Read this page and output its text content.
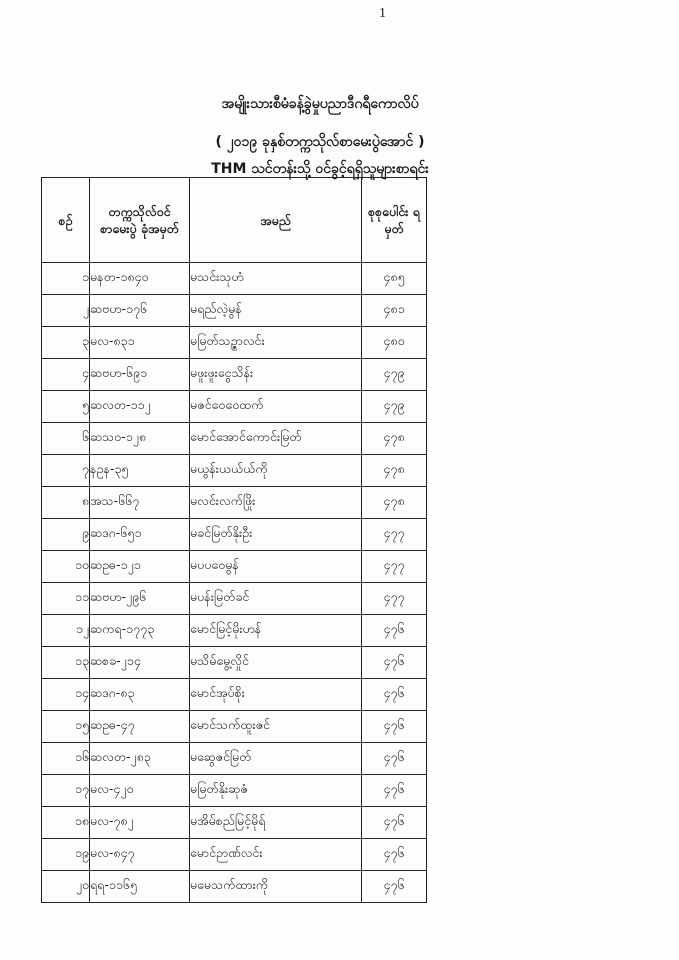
1
အမျိုးသားစီမံခန့်ခွဲမှုပညာဒီဂရီကောလိပ်
( ၂၀၁၉ ခုနှစ်တက္ကသိုလ်စာမေးပွဲအောင် )
THM သင်တန်းသို့ ဝင်ခွင့်ရရှိသူများစာရင်း
စဉ်	တက္ကသိုလ်ဝင် စာမေးပွဲ ခုံအမှတ်	အမည်	စုစုပေါင်း ရမှတ်
၁	မနတ-၁၈၄၀	မသင်းသုဟံ	၄၈၅
၂	ဆဗဟ-၁၇၆	မရည်လဲ့မွန်	၄၈၁
၃	မလ-၈၃၁	မမြတ်သဉ္ဇာလင်း	၄၈၀
၄	ဆဗဟ-၆၉၁	မဖူးဖူးငွေသိန်း	၄၇၉
၅	ဆလတ-၁၁၂	မဇင်ဝေဝေထက်	၄၇၉
၆	ဆသ၀-၁၂၈	မောင်အောင်ကောင်းမြတ်	၄၇၈
၇	နဥန-၃၅	မယွန်းယယ်ယ်ကို	၄၇၈
၈	အသ-၆၆၇	မလင်းလက်ဖြိုး	၄၇၈
၉	ဆဒဂ-၆၅၁	မခင်မြတ်နိုးဦး	၄၇၇
၁၀	ဆဥဓ-၁၂၁	မပပဝေမွန်	၄၇၇
၁၁	ဆဗဟ-၂၉၆	မပန်းမြတ်ခင်	၄၇၇
၁၂	ဆကရ-၁၇၇၃	မောင်မြင့်မိုးဟန်	၄၇၆
၁၃	ဆစခ-၂၁၄	မသိမ်မွေ့လှိုင်	၄၇၆
၁၄	ဆဒဂ-၈၃	မောင်အုပ်စိုး	၄၇၆
၁၅	ဆဥဓ-၄၇	မောင်သက်ထူးဇင်	၄၇၆
၁၆	ဆလတ-၂၈၃	မဆွေဇင်မြတ်	၄၇၆
၁၇	မလ-၄၂၀	မမြတ်နိုးဆုဇံ	၄၇၆
၁၈	မလ-၇၈၂	မအိမ်စည်မြင့်မိုရ်	၄၇၆
၁၉	မလ-၈၄၇	မောင်ဉာဏ်လင်း	၄၇၆
၂၀	ရရ-၁၁၆၅	မမေသက်ထားကို	၄၇၆
